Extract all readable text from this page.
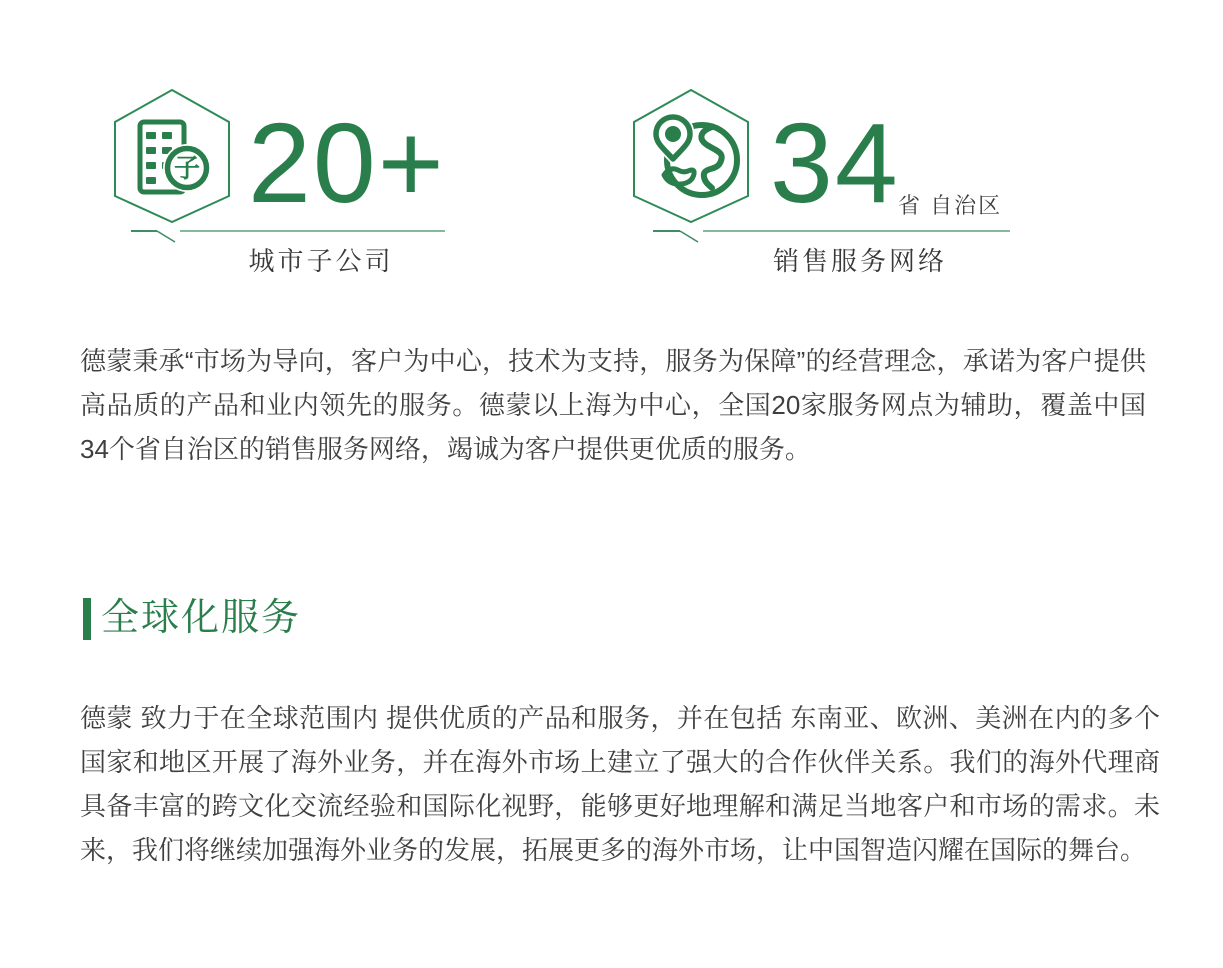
子 20+
城市子公司
34
省 自治区
销售服务网络

德蒙秉承“市场为导向，客户为中心，技术为支持，服务为保障”的经营理念，承诺为客户提供高品质的产品和业内领先的服务。德蒙以上海为中心，全国20家服务网点为辅助，覆盖中国34个省自治区的销售服务网络，竭诚为客户提供更优质的服务。

全球化服务

德蒙 致力于在全球范围内 提供优质的产品和服务，并在包括 东南亚、欧洲、美洲在内的多个国家和地区开展了海外业务，并在海外市场上建立了强大的合作伙伴关系。我们的海外代理商具备丰富的跨文化交流经验和国际化视野，能够更好地理解和满足当地客户和市场的需求。未来，我们将继续加强海外业务的发展，拓展更多的海外市场，让中国智造闪耀在国际的舞台。
